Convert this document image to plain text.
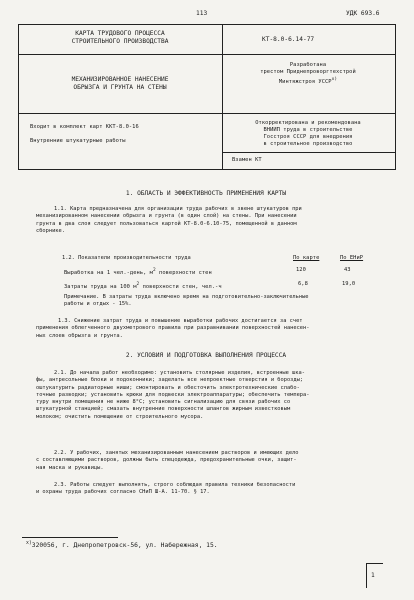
113	УДК 693.6
КАРТА ТРУДОВОГО ПРОЦЕССА
СТРОИТЕЛЬНОГО ПРОИЗВОДСТВА
МЕХАНИЗИРОВАННОЕ НАНЕСЕНИЕ
ОБРЫЗГА И ГРУНТА НА СТЕНЫ
Входит в комплект карт ККТ-8.0-16
Внутренние штукатурные работы
КТ-8.0-6.14-77
Разработана
трестом Приднепроворгтехстрой
Минтяжстроя УССР$^{x)}$
Откорректирована и рекомендована
ВНИИП труда в строительстве
Госстроя СССР для внедрения
в строительное производство
Взамен КТ
1. ОБЛАСТЬ И ЭФФЕКТИВНОСТЬ ПРИМЕНЕНИЯ КАРТЫ
1.1. Карта предназначена для организации труда рабочих в звене штукатуров при
механизированном нанесении обрызга и грунта (в один слой) на стены. При нанесении
грунта в два слоя следует пользоваться картой КТ-8.0-6.10-75, помещенной в данном
сборнике.
1.2. Показатели производительности труда	По карте	По ЕНиР
Выработка на 1 чел.-день, $м^2$ поверхности стен	120	43
Затраты труда на 100 $м^2$ поверхности стен, чел.-ч	6,8	19,0
Примечание. В затраты труда включено время на подготовительно-заключительные
работы и отдых - 15%.
1.3. Снижение затрат труда и повышение выработки рабочих достигается за счет
применения облегченного двухметрового правила при разравнивании поверхностей нанесен-
ных слоев обрызга и грунта.
2. УСЛОВИЯ И ПОДГОТОВКА ВЫПОЛНЕНИЯ ПРОЦЕССА
2.1. До начала работ необходимо: установить столярные изделия, встроенные шка-
фы, антресольные блоки и подоконники; заделать все непроектные отверстия и борозды;
оштукатурить радиаторные ниши; смонтировать и обесточить электротехнические слабо-
точные разводки; установить крюки для подвески электроаппаратуры; обеспечить темпера-
туру внутри помещения не ниже 8°С; установить сигнализацию для связи рабочих со
штукатурной станцией; смазать внутренние поверхности шлангов жирным известковым
молоком; очистить помещение от строительного мусора.
2.2. У рабочих, занятых механизированным нанесением растворов и имеющих дело
с составляющими растворов, должны быть спецодежда, предохранительные очки, защит-
ная маска и рукавицы.
2.3. Работы следует выполнять, строго соблюдая правила техники безопасности
и охраны труда рабочих согласно СНиП Ш-А. 11-70. § 17.
$^{x)}$320056, г. Днепропетровск-56, ул. Набережная, 15.
1
